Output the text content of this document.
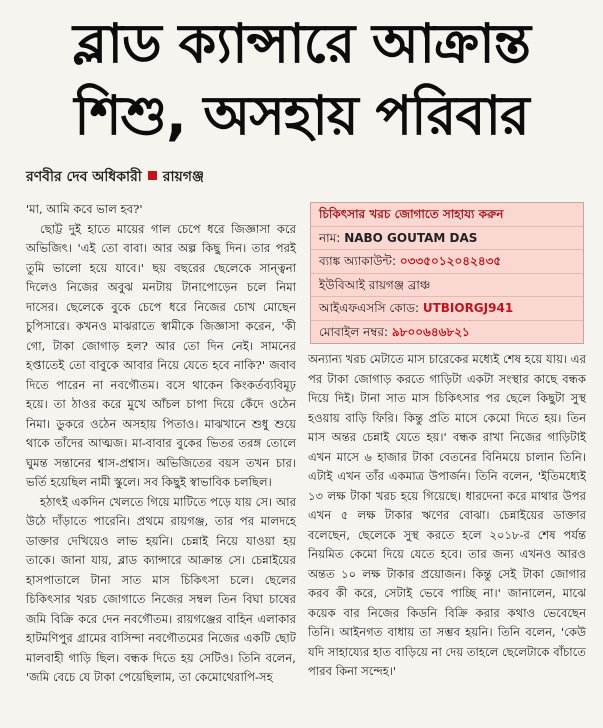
ব্লাড ক্যান্সারে আক্রান্ত
শিশু, অসহায় পরিবার
রণবীর দেব অধিকারী রায়গঞ্জ

'মা, আমি কবে ভাল হব?'

ছোট্ট দুই হাতে মায়ের গাল চেপে ধরে জিজ্ঞাসা করে অভিজিৎ। 'এই তো বাবা। আর অল্প কিছু দিন। তার পরই তুমি ভালো হয়ে যাবে।' ছয় বছরের ছেলেকে সান্ত্বনা দিলেও নিজের অবুঝ মনটায় টানাপোড়েন চলে নিমা দাসের। ছেলেকে বুকে চেপে ধরে নিজের চোখ মোছেন চুপিসারে। কখনও মাঝরাতে স্বামীকে জিজ্ঞাসা করেন, 'কী গো, টাকা জোগাড় হল? আর তো দিন নেই। সামনের হপ্তাতেই তো বাবুকে আবার নিয়ে যেতে হবে নাকি?' জবাব দিতে পারেন না নবগৌতম। বসে থাকেন কিংকর্তব্যবিমূঢ় হয়ে। তা ঠাওর করে মুখে আঁচল চাপা দিয়ে কেঁদে ওঠেন নিমা। ডুকরে ওঠেন অসহায় পিতাও। মাঝখানে শুধু শুয়ে থাকে তাঁদের আত্মজ। মা-বাবার বুকের ভিতর তরঙ্গ তোলে ঘুমন্ত সন্তানের শ্বাস-প্রশ্বাস। অভিজিতের বয়স তখন চার। ভর্তি হয়েছিল নামী স্কুলে। সব কিছুই স্বাভাবিক চলছিল।

হঠাৎই একদিন খেলতে গিয়ে মাটিতে পড়ে যায় সে। আর উঠে দাঁড়াতে পারেনি। প্রথমে রায়গঞ্জ, তার পর মালদহে ডাক্তার দেখিয়েও লাভ হয়নি। চেন্নাই নিয়ে যাওয়া হয় তাকে। জানা যায়, ব্লাড ক্যান্সারে আক্রান্ত সে। চেন্নাইয়ের হাসপাতালে টানা সাত মাস চিকিৎসা চলে। ছেলের চিকিৎসার খরচ জোগাতে নিজের সম্বল তিন বিঘা চাষের জমি বিক্রি করে দেন নবগৌতম। রায়গঞ্জের বাহিন এলাকার হাটমণিপুর গ্রামের বাসিন্দা নবগৌতমের নিজের একটি ছোট মালবাহী গাড়ি ছিল। বন্ধক দিতে হয় সেটিও। তিনি বলেন, 'জমি বেচে যে টাকা পেয়েছিলাম, তা কেমোথেরাপি-সহ

চিকিৎসার খরচ জোগাতে সাহায্য করুন
নাম: NABO GOUTAM DAS
ব্যাঙ্ক অ্যাকাউন্ট: ০৩৩৫০১২০৪২৪৩৫
ইউবিআই রায়গঞ্জ ব্রাঞ্চ
আইএফএসসি কোড: UTBIORGJ941
মোবাইল নম্বর: ৯৮০০৬৪৬৮২১

অন্যান্য খরচ মেটাতে মাস চারেকের মধ্যেই শেষ হয়ে যায়। এর পর টাকা জোগাড় করতে গাড়িটা একটা সংস্থার কাছে বন্ধক দিয়ে দিই। টানা সাত মাস চিকিৎসার পর ছেলে কিছুটা সুস্থ হওয়ায় বাড়ি ফিরি। কিন্তু প্রতি মাসে কেমো দিতে হয়। তিন মাস অন্তর চেন্নাই যেতে হয়।' বন্ধক রাখা নিজের গাড়িটাই এখন মাসে ৬ হাজার টাকা বেতনের বিনিময়ে চালান তিনি। এটাই এখন তাঁর একমাত্র উপার্জন। তিনি বলেন, 'ইতিমধ্যেই ১৩ লক্ষ টাকা খরচ হয়ে গিয়েছে। ধারদেনা করে মাথার উপর এখন ৫ লক্ষ টাকার ঋণের বোঝা। চেন্নাইয়ের ডাক্তার বলেছেন, ছেলেকে সুস্থ করতে হলে ২০১৮-র শেষ পর্যন্ত নিয়মিত কেমো দিয়ে যেতে হবে। তার জন্য এখনও আরও অন্তত ১০ লক্ষ টাকার প্রয়োজন। কিন্তু সেই টাকা জোগার করব কী করে, সেটাই ভেবে পাচ্ছি না।' জানালেন, মাঝে কয়েক বার নিজের কিডনি বিক্রি করার কথাও ভেবেছেন তিনি। আইনগত বাধায় তা সম্ভব হয়নি। তিনি বলেন, 'কেউ যদি সাহায্যের হাত বাড়িয়ে না দেয় তাহলে ছেলেটাকে বাঁচাতে পারব কিনা সন্দেহ।'
